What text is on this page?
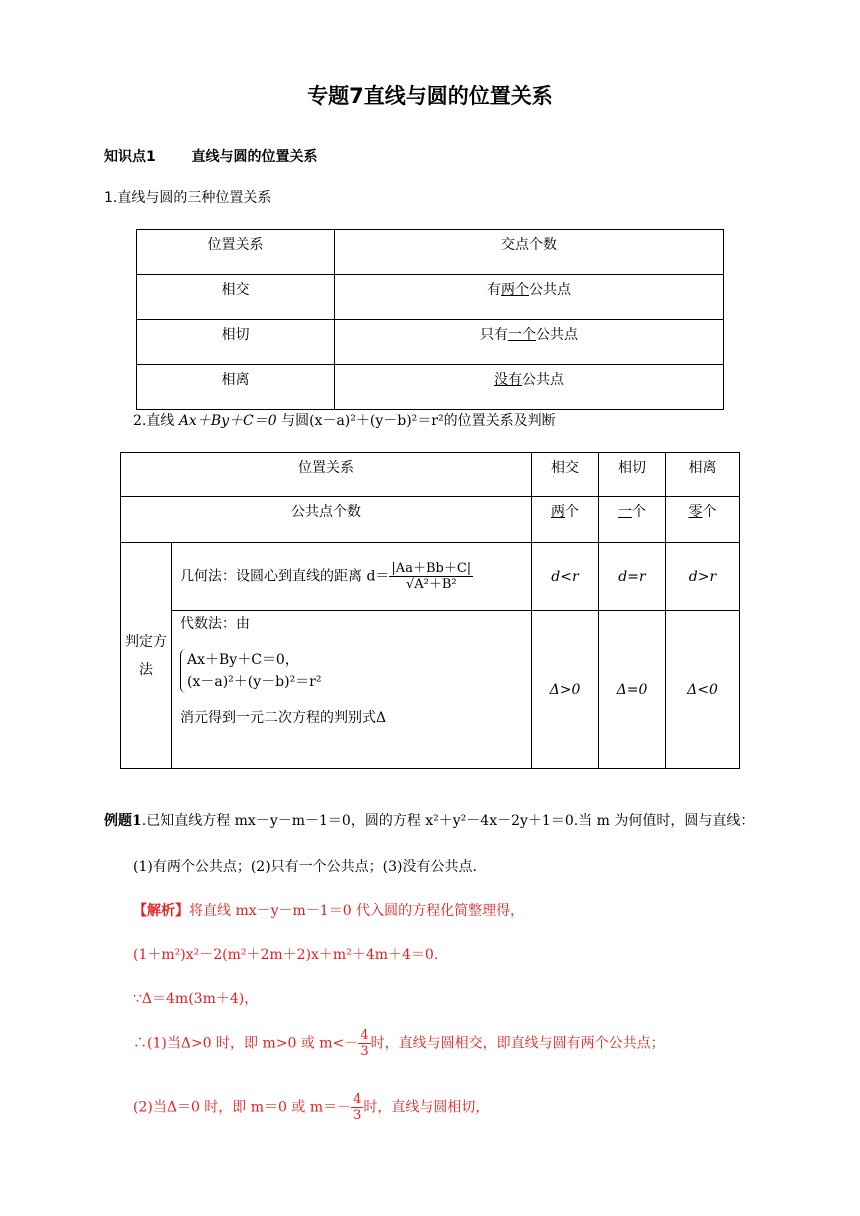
专题7直线与圆的位置关系
知识点1	直线与圆的位置关系
1.直线与圆的三种位置关系
位置关系	交点个数
相交	有两个公共点
相切	只有一个公共点
相离	没有公共点
2.直线 Ax＋By＋C＝0 与圆(x－a)²＋(y－b)²＝r²的位置关系及判断
位置关系		相交	相切	相离
公共点个数		两个	一个	零个
判定方法	几何法：设圆心到直线的距离 $d= \frac{|Aa+Bb+C|}{\text{√A²＋B²}}$	d<r	d=r	d>r

	代数法：由
Ax＋By＋C＝0，
(x－a)²＋(y－b)²＝r²
消元得到一元二次方程的判别式Δ	Δ>0	Δ=0	Δ<0
例题1.已知直线方程 mx－y－m－1＝0，圆的方程 x²＋y²－4x－2y＋1＝0.当 m 为何值时，圆与直线：
(1)有两个公共点；(2)只有一个公共点；(3)没有公共点．
【解析】将直线 mx－y－m－1＝0 代入圆的方程化简整理得，
(1＋m²)x²－2(m²＋2m＋2)x＋m²＋4m＋4＝0.
∵Δ＝4m(3m＋4)，
∴(1)当Δ>0 时，即 m>0 或 $m<- \frac{4}{3}$ 时，直线与圆相交，即直线与圆有两个公共点；
(2)当Δ＝0 时，即 m＝0 或 $m=- \frac{4}{3}$ 时，直线与圆相切，
